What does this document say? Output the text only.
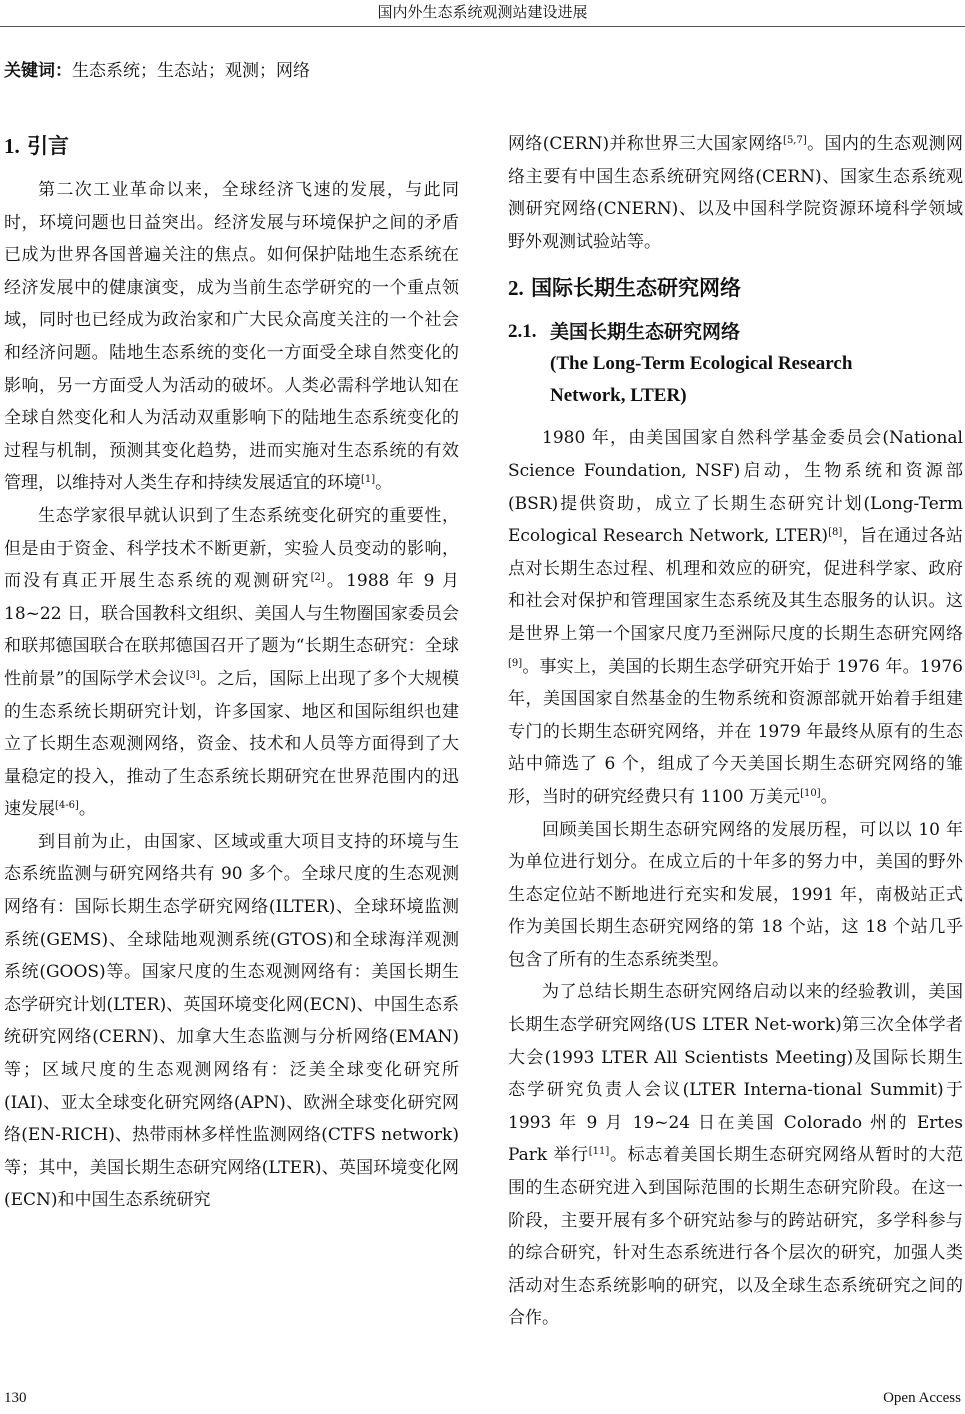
国内外生态系统观测站建设进展
关键词：生态系统；生态站；观测；网络
1. 引言

第二次工业革命以来，全球经济飞速的发展，与此同时，环境问题也日益突出。经济发展与环境保护之间的矛盾已成为世界各国普遍关注的焦点。如何保护陆地生态系统在经济发展中的健康演变，成为当前生态学研究的一个重点领域，同时也已经成为政治家和广大民众高度关注的一个社会和经济问题。陆地生态系统的变化一方面受全球自然变化的影响，另一方面受人为活动的破坏。人类必需科学地认知在全球自然变化和人为活动双重影响下的陆地生态系统变化的过程与机制，预测其变化趋势，进而实施对生态系统的有效管理，以维持对人类生存和持续发展适宜的环境[1]。

生态学家很早就认识到了生态系统变化研究的重要性，但是由于资金、科学技术不断更新，实验人员变动的影响，而没有真正开展生态系统的观测研究[2]。1988 年 9 月 18~22 日，联合国教科文组织、美国人与生物圈国家委员会和联邦德国联合在联邦德国召开了题为“长期生态研究：全球性前景”的国际学术会议[3]。之后，国际上出现了多个大规模的生态系统长期研究计划，许多国家、地区和国际组织也建立了长期生态观测网络，资金、技术和人员等方面得到了大量稳定的投入，推动了生态系统长期研究在世界范围内的迅速发展[4-6]。

到目前为止，由国家、区域或重大项目支持的环境与生态系统监测与研究网络共有 90 多个。全球尺度的生态观测网络有：国际长期生态学研究网络(ILTER)、全球环境监测系统(GEMS)、全球陆地观测系统(GTOS)和全球海洋观测系统(GOOS)等。国家尺度的生态观测网络有：美国长期生态学研究计划(LTER)、英国环境变化网(ECN)、中国生态系统研究网络(CERN)、加拿大生态监测与分析网络(EMAN)等；区域尺度的生态观测网络有：泛美全球变化研究所(IAI)、亚太全球变化研究网络(APN)、欧洲全球变化研究网络(EN-RICH)、热带雨林多样性监测网络(CTFS network)等；其中，美国长期生态研究网络(LTER)、英国环境变化网(ECN)和中国生态系统研究

网络(CERN)并称世界三大国家网络[5,7]。国内的生态观测网络主要有中国生态系统研究网络(CERN)、国家生态系统观测研究网络(CNERN)、以及中国科学院资源环境科学领域野外观测试验站等。

2. 国际长期生态研究网络
2.1. 美国长期生态研究网络
(The Long-Term Ecological Research
Network, LTER)

1980 年，由美国国家自然科学基金委员会(National Science Foundation, NSF)启动，生物系统和资源部(BSR)提供资助，成立了长期生态研究计划(Long-Term Ecological Research Network, LTER)[8]，旨在通过各站点对长期生态过程、机理和效应的研究，促进科学家、政府和社会对保护和管理国家生态系统及其生态服务的认识。这是世界上第一个国家尺度乃至洲际尺度的长期生态研究网络[9]。事实上，美国的长期生态学研究开始于 1976 年。1976 年，美国国家自然基金的生物系统和资源部就开始着手组建专门的长期生态研究网络，并在 1979 年最终从原有的生态站中筛选了 6 个，组成了今天美国长期生态研究网络的雏形，当时的研究经费只有 1100 万美元[10]。

回顾美国长期生态研究网络的发展历程，可以以 10 年为单位进行划分。在成立后的十年多的努力中，美国的野外生态定位站不断地进行充实和发展，1991 年，南极站正式作为美国长期生态研究网络的第 18 个站，这 18 个站几乎包含了所有的生态系统类型。

为了总结长期生态研究网络启动以来的经验教训，美国长期生态学研究网络(US LTER Net-work)第三次全体学者大会(1993 LTER All Scientists Meeting)及国际长期生态学研究负责人会议(LTER Interna-tional Summit)于 1993 年 9 月 19~24 日在美国 Colorado 州的 Ertes Park 举行[11]。标志着美国长期生态研究网络从暂时的大范围的生态研究进入到国际范围的长期生态研究阶段。在这一阶段，主要开展有多个研究站参与的跨站研究，多学科参与的综合研究，针对生态系统进行各个层次的研究，加强人类活动对生态系统影响的研究，以及全球生态系统研究之间的合作。

130	Open Access
